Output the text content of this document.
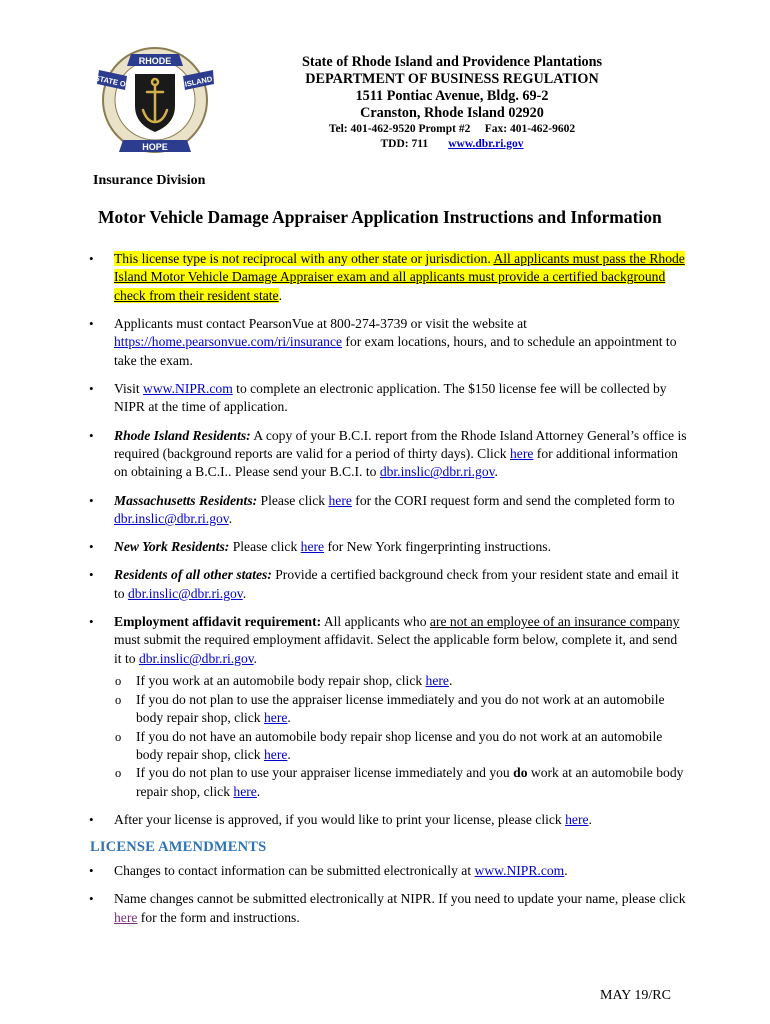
RHODE
STATE OF	ISLAND
HOPE
State of Rhode Island and Providence Plantations
DEPARTMENT OF BUSINESS REGULATION
1511 Pontiac Avenue, Bldg. 69-2
Cranston, Rhode Island 02920
Tel: 401-462-9520 Prompt #2 Fax: 401-462-9602
TDD: 711 www.dbr.ri.gov
Insurance Division
Motor Vehicle Damage Appraiser Application Instructions and Information
• This license type is not reciprocal with any other state or jurisdiction. All applicants must pass the Rhode Island Motor Vehicle Damage Appraiser exam and all applicants must provide a certified background check from their resident state.
• Applicants must contact PearsonVue at 800-274-3739 or visit the website at https://home.pearsonvue.com/ri/insurance for exam locations, hours, and to schedule an appointment to take the exam.
• Visit www.NIPR.com to complete an electronic application. The $150 license fee will be collected by NIPR at the time of application.
• Rhode Island Residents: A copy of your B.C.I. report from the Rhode Island Attorney General’s office is required (background reports are valid for a period of thirty days). Click here for additional information on obtaining a B.C.I.. Please send your B.C.I. to dbr.inslic@dbr.ri.gov.
• Massachusetts Residents: Please click here for the CORI request form and send the completed form to dbr.inslic@dbr.ri.gov.
• New York Residents: Please click here for New York fingerprinting instructions.
• Residents of all other states: Provide a certified background check from your resident state and email it to dbr.inslic@dbr.ri.gov.
• Employment affidavit requirement: All applicants who are not an employee of an insurance company must submit the required employment affidavit. Select the applicable form below, complete it, and send it to dbr.inslic@dbr.ri.gov.
o If you work at an automobile body repair shop, click here.
o If you do not plan to use the appraiser license immediately and you do not work at an automobile body repair shop, click here.
o If you do not have an automobile body repair shop license and you do not work at an automobile body repair shop, click here.
o If you do not plan to use your appraiser license immediately and you do work at an automobile body repair shop, click here.
• After your license is approved, if you would like to print your license, please click here.
LICENSE AMENDMENTS
• Changes to contact information can be submitted electronically at www.NIPR.com.
• Name changes cannot be submitted electronically at NIPR. If you need to update your name, please click here for the form and instructions.
MAY 19/RC
